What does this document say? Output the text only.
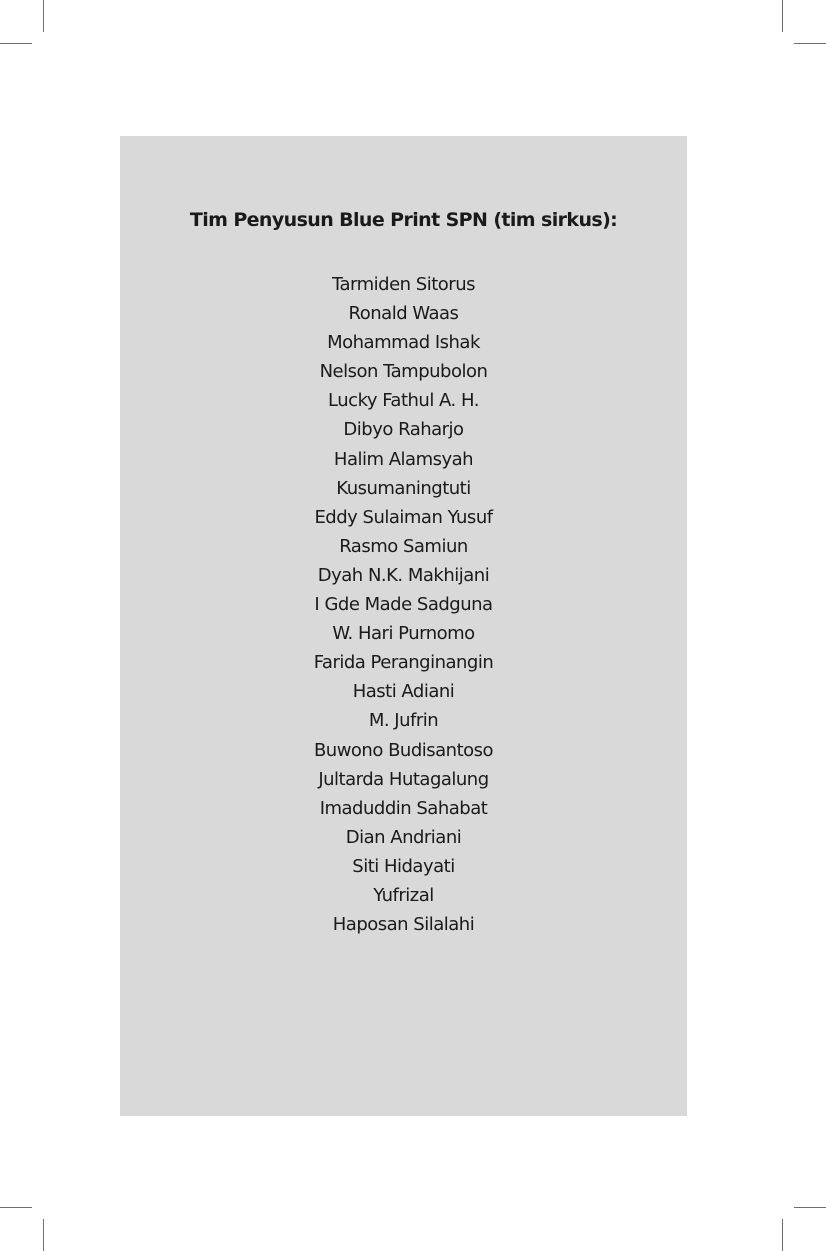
Tim Penyusun Blue Print SPN (tim sirkus):
Tarmiden Sitorus
Ronald Waas
Mohammad Ishak
Nelson Tampubolon
Lucky Fathul A. H.
Dibyo Raharjo
Halim Alamsyah
Kusumaningtuti
Eddy Sulaiman Yusuf
Rasmo Samiun
Dyah N.K. Makhijani
I Gde Made Sadguna
W. Hari Purnomo
Farida Peranginangin
Hasti Adiani
M. Jufrin
Buwono Budisantoso
Jultarda Hutagalung
Imaduddin Sahabat
Dian Andriani
Siti Hidayati
Yufrizal
Haposan Silalahi
